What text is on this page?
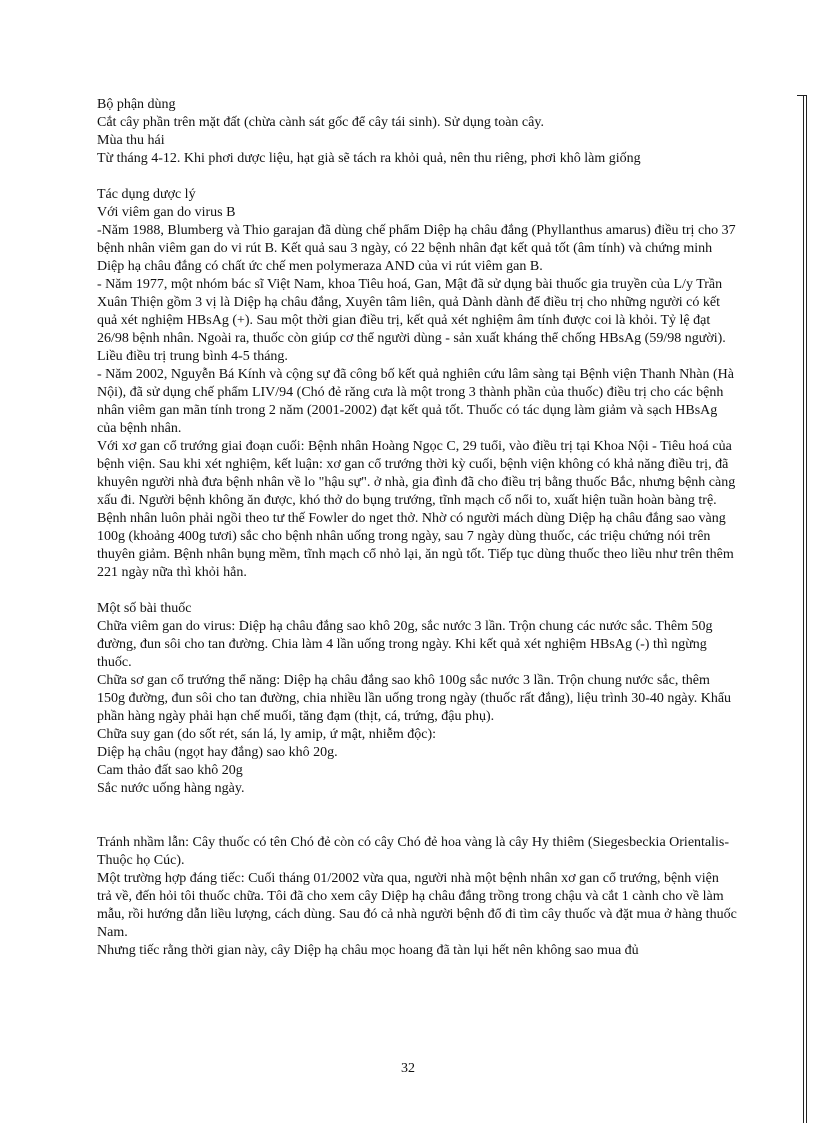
Bộ phận dùng

Cắt cây phần trên mặt đất (chừa cành sát gốc để cây tái sinh). Sử dụng toàn cây.

Mùa thu hái

Từ tháng 4-12. Khi phơi dược liệu, hạt già sẽ tách ra khỏi quả, nên thu riêng, phơi khô làm giống

Tác dụng dược lý

Với viêm gan do virus B

-Năm 1988, Blumberg và Thio garajan đã dùng chế phẩm Diệp hạ châu đắng (Phyllanthus amarus) điều trị cho 37 bệnh nhân viêm gan do vi rút B. Kết quả sau 3 ngày, có 22 bệnh nhân đạt kết quả tốt (âm tính) và chứng minh Diệp hạ châu đắng có chất ức chế men polymeraza AND của vi rút viêm gan B.

- Năm 1977, một nhóm bác sĩ Việt Nam, khoa Tiêu hoá, Gan, Mật đã sử dụng bài thuốc gia truyền của L/y Trần Xuân Thiện gồm 3 vị là Diệp hạ châu đắng, Xuyên tâm liên, quả Dành dành để điều trị cho những người có kết quả xét nghiệm HBsAg (+). Sau một thời gian điều trị, kết quả xét nghiệm âm tính được coi là khỏi. Tỷ lệ đạt 26/98 bệnh nhân. Ngoài ra, thuốc còn giúp cơ thể người dùng - sản xuất kháng thể chống HBsAg (59/98 người). Liều điều trị trung bình 4-5 tháng.

- Năm 2002, Nguyễn Bá Kính và cộng sự đã công bố kết quả nghiên cứu lâm sàng tại Bệnh viện Thanh Nhàn (Hà Nội), đã sử dụng chế phẩm LIV/94 (Chó đẻ răng cưa là một trong 3 thành phần của thuốc) điều trị cho các bệnh nhân viêm gan mãn tính trong 2 năm (2001-2002) đạt kết quả tốt. Thuốc có tác dụng làm giảm và sạch HBsAg của bệnh nhân.

Với xơ gan cổ trướng giai đoạn cuối: Bệnh nhân Hoàng Ngọc C, 29 tuổi, vào điều trị tại Khoa Nội - Tiêu hoá của bệnh viện. Sau khi xét nghiệm, kết luận: xơ gan cổ trướng thời kỳ cuối, bệnh viện không có khả năng điều trị, đã khuyên người nhà đưa bệnh nhân về lo "hậu sự". ở nhà, gia đình đã cho điều trị bằng thuốc Bắc, nhưng bệnh càng xấu đi. Người bệnh không ăn được, khó thở do bụng trướng, tĩnh mạch cổ nổi to, xuất hiện tuần hoàn bàng trệ. Bệnh nhân luôn phải ngồi theo tư thế Fowler do nget thở. Nhờ có người mách dùng Diệp hạ châu đắng sao vàng 100g (khoảng 400g tươi) sắc cho bệnh nhân uống trong ngày, sau 7 ngày dùng thuốc, các triệu chứng nói trên thuyên giảm. Bệnh nhân bụng mềm, tĩnh mạch cổ nhỏ lại, ăn ngủ tốt. Tiếp tục dùng thuốc theo liều như trên thêm 221 ngày nữa thì khỏi hẳn.

Một số bài thuốc

Chữa viêm gan do virus: Diệp hạ châu đắng sao khô 20g, sắc nước 3 lần. Trộn chung các nước sắc. Thêm 50g đường, đun sôi cho tan đường. Chia làm 4 lần uống trong ngày. Khi kết quả xét nghiệm HBsAg (-) thì ngừng thuốc.

Chữa sơ gan cổ trướng thể năng: Diệp hạ châu đắng sao khô 100g sắc nước 3 lần. Trộn chung nước sắc, thêm 150g đường, đun sôi cho tan đường, chia nhiều lần uống trong ngày (thuốc rất đắng), liệu trình 30-40 ngày. Khẩu phần hàng ngày phải hạn chế muối, tăng đạm (thịt, cá, trứng, đậu phụ).

Chữa suy gan (do sốt rét, sán lá, ly amip, ứ mật, nhiễm độc):

Diệp hạ châu (ngọt hay đắng) sao khô 20g.

Cam thảo đất sao khô 20g

Sắc nước uống hàng ngày.

Tránh nhầm lẫn: Cây thuốc có tên Chó đẻ còn có cây Chó đẻ hoa vàng là cây Hy thiêm (Siegesbeckia Orientalis- Thuộc họ Cúc).

Một trường hợp đáng tiếc: Cuối tháng 01/2002 vừa qua, người nhà một bệnh nhân xơ gan cổ trướng, bệnh viện trả về, đến hỏi tôi thuốc chữa. Tôi đã cho xem cây Diệp hạ châu đắng trồng trong chậu và cắt 1 cành cho về làm mẫu, rồi hướng dẫn liều lượng, cách dùng. Sau đó cả nhà người bệnh đổ đi tìm cây thuốc và đặt mua ở hàng thuốc Nam.

Nhưng tiếc rằng thời gian này, cây Diệp hạ châu mọc hoang đã tàn lụi hết nên không sao mua đủ

32
